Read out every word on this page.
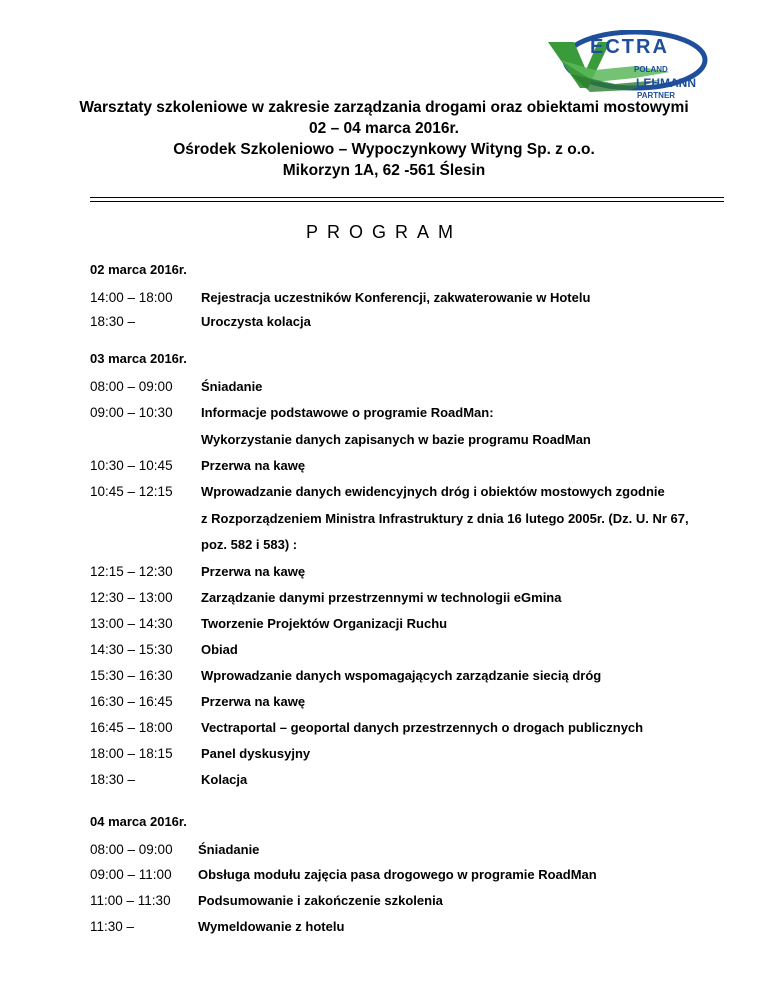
ECTRA
POLAND
LEHMANN
PARTNER
Warsztaty szkoleniowe w zakresie zarządzania drogami oraz obiektami mostowymi
02 – 04 marca 2016r.
Ośrodek Szkoleniowo – Wypoczynkowy Wityng Sp. z o.o.
Mikorzyn 1A, 62 -561 Ślesin
PROGRAM
02 marca 2016r.
14:00 – 18:00 Rejestracja uczestników Konferencji, zakwaterowanie w Hotelu
18:30 –	Uroczysta kolacja
03 marca 2016r.
08:00 – 09:00 Śniadanie
09:00 – 10:30 Informacje podstawowe o programie RoadMan:
Wykorzystanie danych zapisanych w bazie programu RoadMan
10:30 – 10:45 Przerwa na kawę
10:45 – 12:15 Wprowadzanie danych ewidencyjnych dróg i obiektów mostowych zgodnie
z Rozporządzeniem Ministra Infrastruktury z dnia 16 lutego 2005r. (Dz. U. Nr 67,
poz. 582 i 583) :
12:15 – 12:30 Przerwa na kawę
12:30 – 13:00 Zarządzanie danymi przestrzennymi w technologii eGmina
13:00 – 14:30 Tworzenie Projektów Organizacji Ruchu
14:30 – 15:30 Obiad
15:30 – 16:30 Wprowadzanie danych wspomagających zarządzanie siecią dróg
16:30 – 16:45 Przerwa na kawę
16:45 – 18:00 Vectraportal – geoportal danych przestrzennych o drogach publicznych
18:00 – 18:15 Panel dyskusyjny
18:30 –	Kolacja
04 marca 2016r.
08:00 – 09:00 Śniadanie
09:00 – 11:00 Obsługa modułu zajęcia pasa drogowego w programie RoadMan
11:00 – 11:30 Podsumowanie i zakończenie szkolenia
11:30 –	Wymeldowanie z hotelu
